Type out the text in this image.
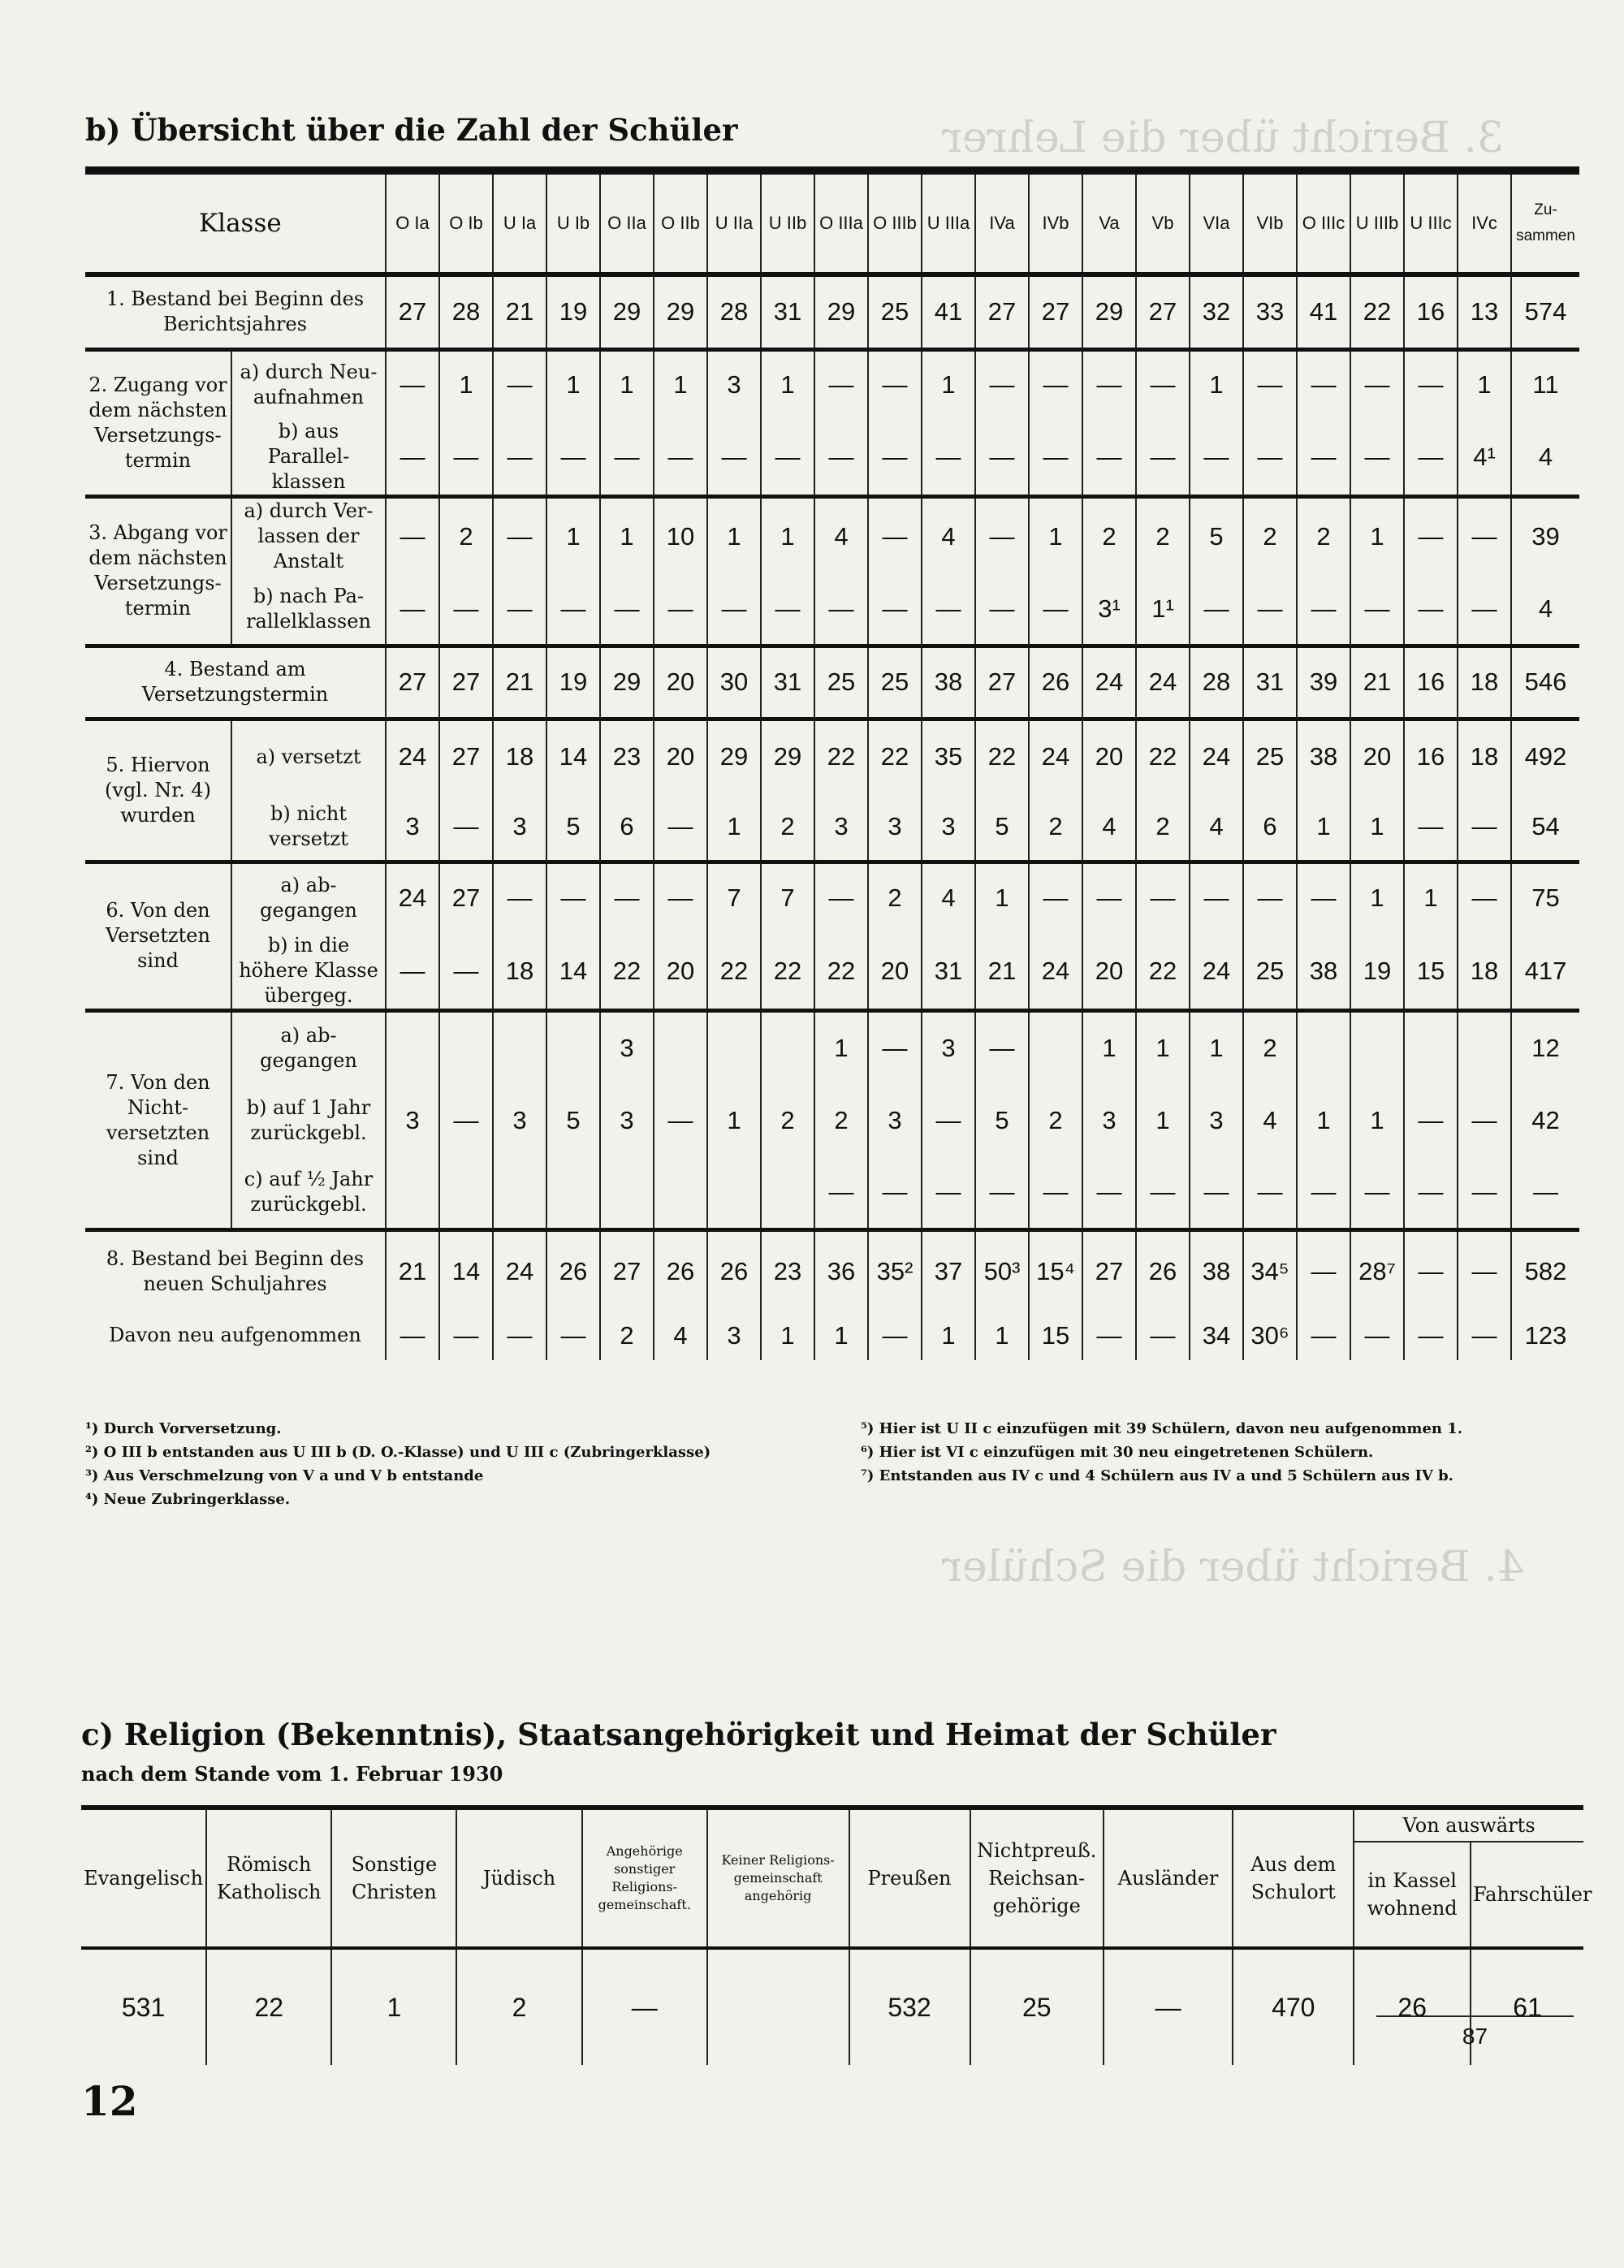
3. Bericht über die Lehrer
4. Bericht über die Schüler
b) Übersicht über die Zahl der Schüler
Klasse		O Ia	O Ib	U Ia	U Ib	O IIa	O IIb	U IIa	U IIb	O IIIa	O IIIb	U IIIa	IVa	IVb	Va	Vb	VIa	VIb	O IIIc	U IIIb	U IIIc	IVc	Zu-sammen
1. Bestand bei Beginn des Berichtsjahres		27	28	21	19	29	29	28	31	29	25	41	27	27	29	27	32	33	41	22	16	13	574
2. Zugang vor dem nächsten Versetzungs-termin	a) durch Neu-aufnahmen	—	1	—	1	1	1	3	1	—	—	1	—	—	—	—	1	—	—	—	—	1	11
	b) aus Parallel-klassen	—	—	—	—	—	—	—	—	—	—	—	—	—	—	—	—	—	—	—	—	4¹	4
3. Abgang vor dem nächsten Versetzungs-termin	a) durch Ver-lassen der Anstalt	—	2	—	1	1	10	1	1	4	—	4	—	1	2	2	5	2	2	1	—	—	39
	b) nach Pa-rallelklassen	—	—	—	—	—	—	—	—	—	—	—	—	—	3¹	1¹	—	—	—	—	—	—	4
4. Bestand am Versetzungstermin		27	27	21	19	29	20	30	31	25	25	38	27	26	24	24	28	31	39	21	16	18	546
5. Hiervon (vgl. Nr. 4) wurden	a) versetzt	24	27	18	14	23	20	29	29	22	22	35	22	24	20	22	24	25	38	20	16	18	492
	b) nicht versetzt	3	—	3	5	6	—	1	2	3	3	3	5	2	4	2	4	6	1	1	—	—	54
6. Von den Versetzten sind	a) ab-gegangen	24	27	—	—	—	—	7	7	—	2	4	1	—	—	—	—	—	—	1	1	—	75
	b) in die höhere Klasse übergeg.	—	—	18	14	22	20	22	22	22	20	31	21	24	20	22	24	25	38	19	15	18	417
7. Von den Nicht-versetzten sind	a) ab-gegangen					3				1	—	3	—		1	1	1	2					12
	b) auf 1 Jahr zurückgebl.	3	—	3	5	3	—	1	2	2	3	—	5	2	3	1	3	4	1	1	—	—	42
	c) auf ½ Jahr zurückgebl.									—	—	—	—	—	—	—	—	—	—	—	—	—	—
8. Bestand bei Beginn des neuen Schuljahres		21	14	24	26	27	26	26	23	36	35²	37	50³	15⁴	27	26	38	34⁵	—	28⁷	—	—	582
Davon neu aufgenommen		—	—	—	—	2	4	3	1	1	—	1	1	15	—	—	34	30⁶	—	—	—	—	123
¹) Durch Vorversetzung.
²) O III b entstanden aus U III b (D. O.-Klasse) und U III c (Zubringerklasse)
³) Aus Verschmelzung von V a und V b entstande
⁴) Neue Zubringerklasse.
⁵) Hier ist U II c einzufügen mit 39 Schülern, davon neu aufgenommen 1.
⁶) Hier ist VI c einzufügen mit 30 neu eingetretenen Schülern.
⁷) Entstanden aus IV c und 4 Schülern aus IV a und 5 Schülern aus IV b.
c) Religion (Bekenntnis), Staatsangehörigkeit und Heimat der Schüler
nach dem Stande vom 1. Februar 1930
Evangelisch	Römisch Katholisch	Sonstige Christen	Jüdisch	Angehörige sonstiger Religions-gemeinschaft.	Keiner Religions-gemeinschaft angehörig	Preußen	Nichtpreuß. Reichsan-gehörige	Ausländer	Aus dem Schulort	Von auswärts	
										in Kassel wohnend	Fahrschüler
531	22	1	2	—		532	25	—	470	26	61
87
12
